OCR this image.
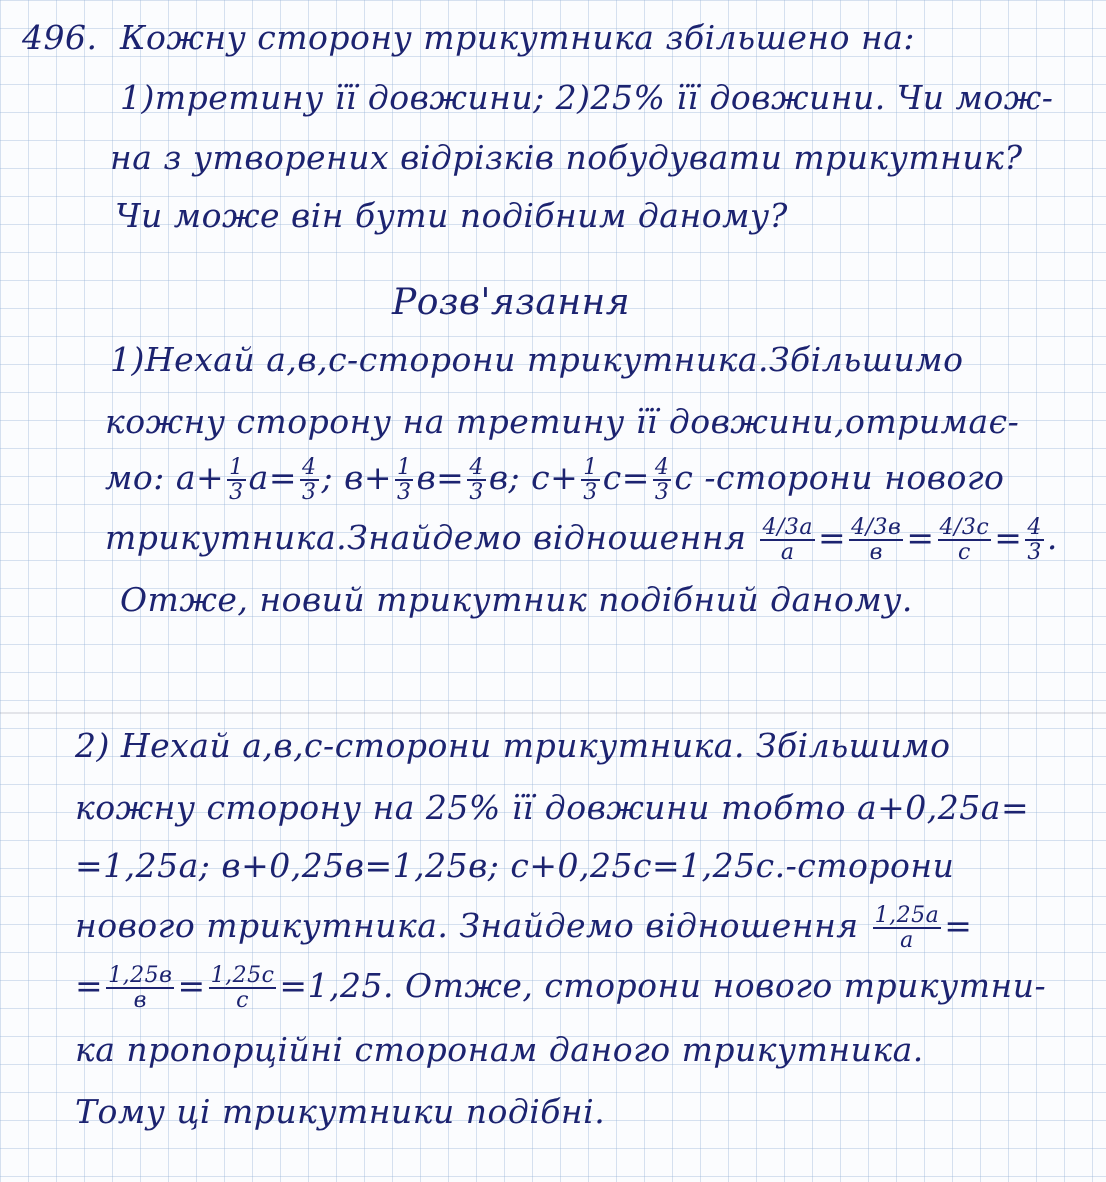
496. Кожну сторону трикутника збільшено на:
1)третину її довжини; 2)25% її довжини. Чи мож-
на з утворених відрізків побудувати трикутник?
Чи може він бути подібним даному?
Розв'язання
1)Нехай a,в,c-сторони трикутника.Збільшимо
кожну сторону на третину її довжини,отримає-
мо: $a+ \frac{1}{3} a= \frac{4}{3}$ ; $в+ \frac{1}{3} в= \frac{4}{3} в$; $c+ \frac{1}{3} c= \frac{4}{3}$ c -сторони нового
трикутника.Знайдемо відношення $\frac{4/3a}{a} = \frac{4/3в}{в} = \frac{4/3c}{c} = \frac{4}{3}$ .
Отже, новий трикутник подібний даному.
2) Нехай a,в,c-сторони трикутника. Збільшимо
кожну сторону на 25% її довжини тобто a+0,25a=
=1,25a; в+0,25в=1,25в; c+0,25c=1,25c.-сторони
нового трикутника. Знайдемо відношення $\frac{1,25a}{a}$ =
= $\frac{1,25в}{в} = \frac{1,25c}{c} =1,25$. Отже, сторони нового трикутни-
ка пропорційні сторонам даного трикутника.
Тому ці трикутники подібні.
